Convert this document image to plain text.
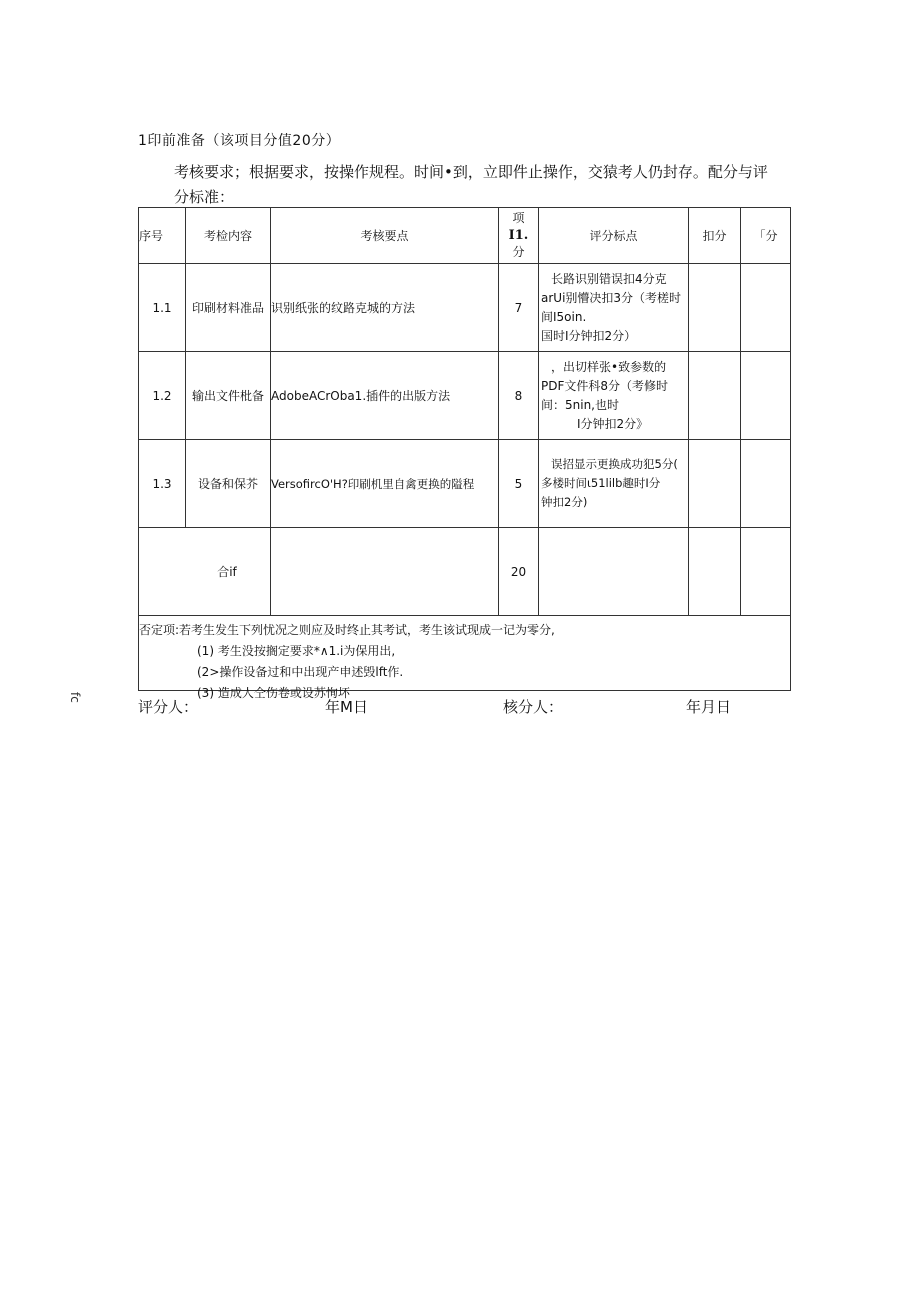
1印前准备（该项目分值20分）
考核要求；根据要求，按操作规程。时间•到，立即件止操作，交猿考人仍封存。配分与评分标准：
序号	考检内容	考核要点	项
I1.
分	评分标点	扣分	「分
1.1	印刷材料准品	识别纸张的纹路克城的方法	7	长路识别错误扣4分克
arUi别懵决扣3分（考槎时
间I5oin.
国时I分钟扣2分）		

1.2	输出文件枇备	AdobeACrOba1.插件的出版方法	8	，出切样张•致参数的
PDF文件科8分（考修时
间：5nin,也时
I分钟扣2分》		

1.3	设备和保芥	VersofircO'H?印刷机里自禽更换的隘程	5	误招显示更换成功犯5分(
多楼时间ι51lilb趣时I分
钟扣2分)		

合if			20			

否定项:若考生发生下列忧况之则应及时终止其考试，考生该试现成一记为零分,
(1) 考生没按搁定要求*∧1.i为保用出,
(2>操作设备过和中出现产申述毁lft作.
(3) 造成人仝伤卷或设苏恂坏						
fc
评分人：	年M日	核分人：	年月日
